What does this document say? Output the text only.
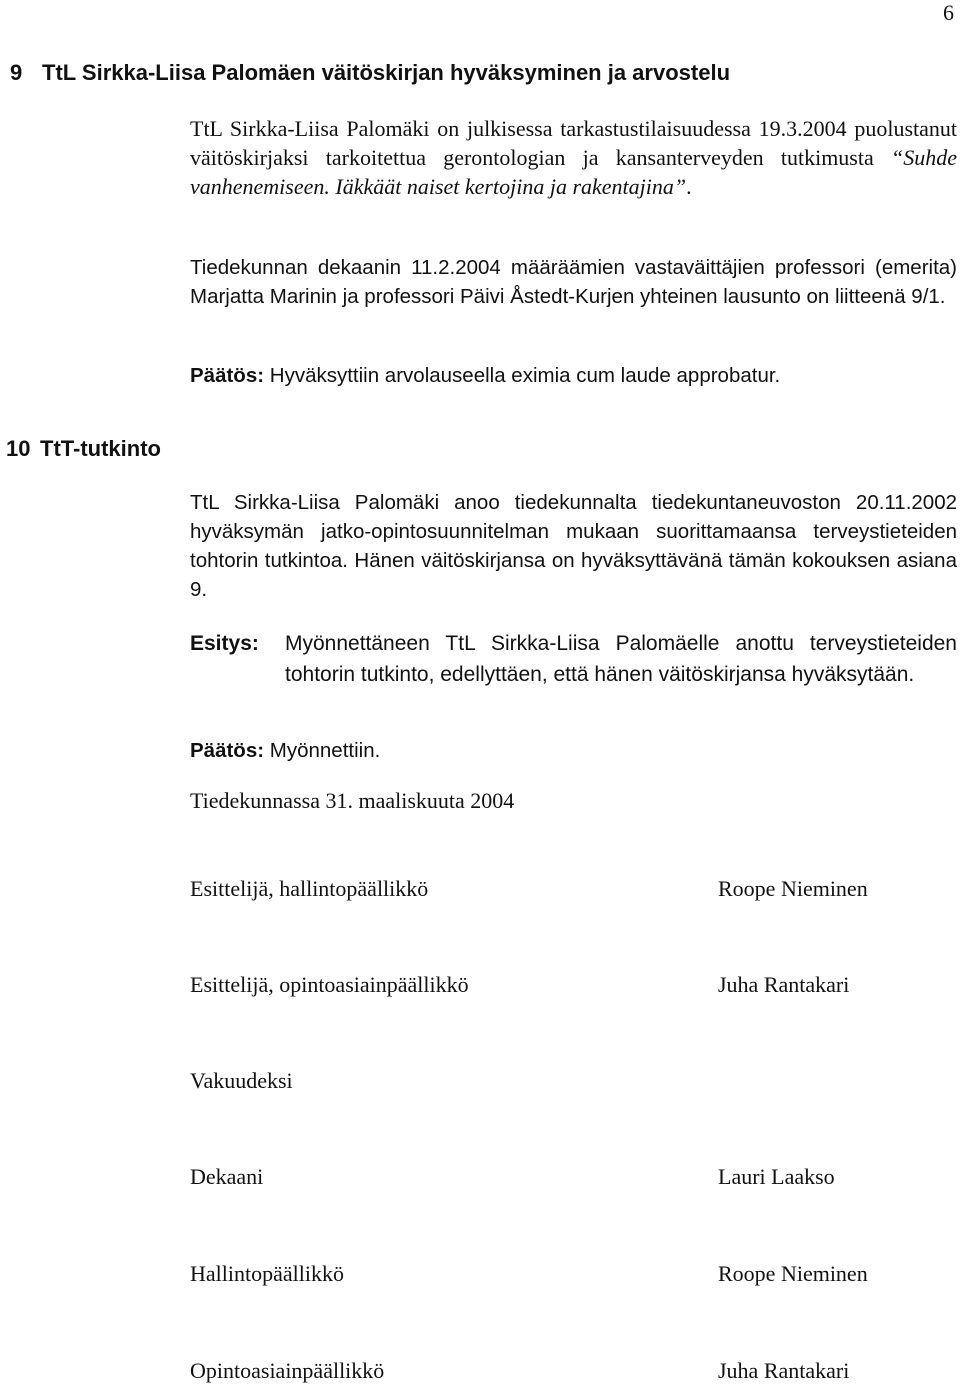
6
9 TtL Sirkka-Liisa Palomäen väitöskirjan hyväksyminen ja arvostelu
TtL Sirkka-Liisa Palomäki on julkisessa tarkastustilaisuudessa 19.3.2004 puolustanut väitöskirjaksi tarkoitettua gerontologian ja kansanterveyden tutkimusta “Suhde vanhenemiseen. Iäkkäät naiset kertojina ja rakentajina”.
Tiedekunnan dekaanin 11.2.2004 määräämien vastaväittäjien professori (emerita) Marjatta Marinin ja professori Päivi Åstedt-Kurjen yhteinen lausunto on liitteenä 9/1.
Päätös: Hyväksyttiin arvolauseella eximia cum laude approbatur.
10 TtT-tutkinto
TtL Sirkka-Liisa Palomäki anoo tiedekunnalta tiedekuntaneuvoston 20.11.2002 hyväksymän jatko-opintosuunnitelman mukaan suorittamaansa terveystieteiden tohtorin tutkintoa. Hänen väitöskirjansa on hyväksyttävänä tämän kokouksen asiana 9.
Esitys: Myönnettäneen TtL Sirkka-Liisa Palomäelle anottu terveystieteiden tohtorin tutkinto, edellyttäen, että hänen väitöskirjansa hyväksytään.
Päätös: Myönnettiin.
Tiedekunnassa 31. maaliskuuta 2004
Esittelijä, hallintopäällikkö	Roope Nieminen
Esittelijä, opintoasiainpäällikkö	Juha Rantakari
Vakuudeksi
Dekaani	Lauri Laakso
Hallintopäällikkö	Roope Nieminen
Opintoasiainpäällikkö	Juha Rantakari
